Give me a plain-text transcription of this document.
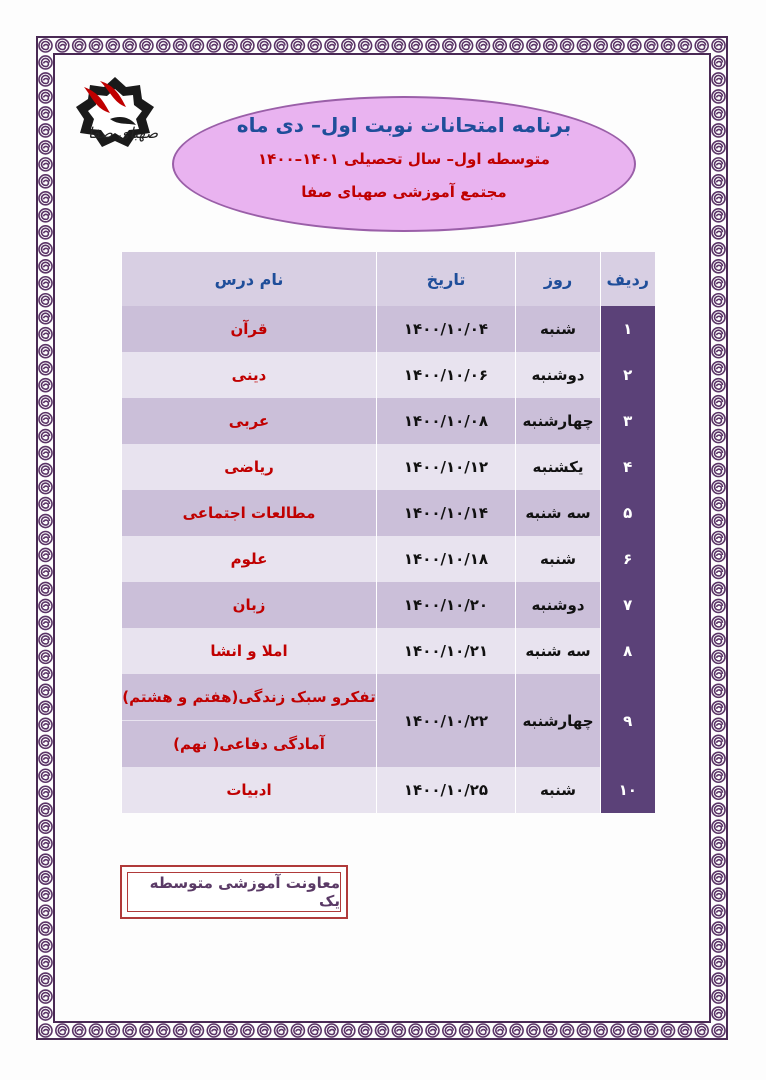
صهبای صفا	برنامه امتحانات نوبت اول– دی ماه
متوسطه اول– سال تحصیلی ۱۴۰۱–۱۴۰۰
مجتمع آموزشی صهبای صفا
ردیف	روز	تاریخ	نام درس
۱	شنبه	۱۴۰۰/۱۰/۰۴	قرآن
۲	دوشنبه	۱۴۰۰/۱۰/۰۶	دینی
۳	چهارشنبه	۱۴۰۰/۱۰/۰۸	عربی
۴	یکشنبه	۱۴۰۰/۱۰/۱۲	ریاضی
۵	سه شنبه	۱۴۰۰/۱۰/۱۴	مطالعات اجتماعی
۶	شنبه	۱۴۰۰/۱۰/۱۸	علوم
۷	دوشنبه	۱۴۰۰/۱۰/۲۰	زبان
۸	سه شنبه	۱۴۰۰/۱۰/۲۱	املا و انشا
۹	چهارشنبه	۱۴۰۰/۱۰/۲۲	تفکرو سبک زندگی(هفتم و هشتم)
			آمادگی دفاعی( نهم)
۱۰	شنبه	۱۴۰۰/۱۰/۲۵	ادبیات
معاونت آموزشی متوسطه یک
